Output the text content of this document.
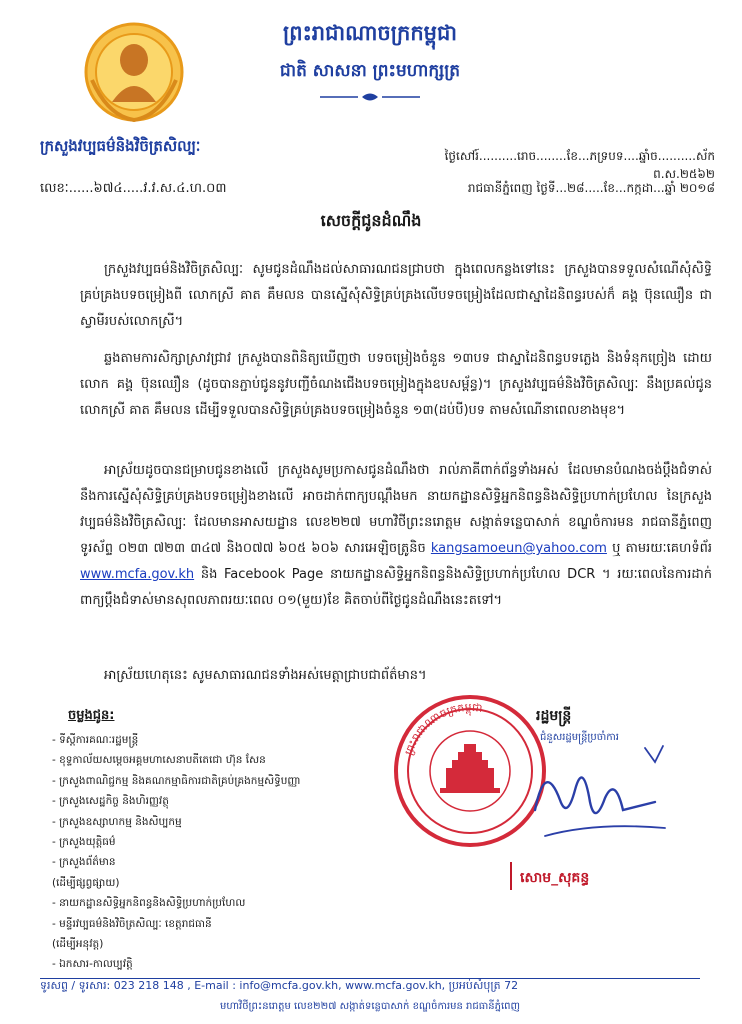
ព្រះរាជាណាចក្រកម្ពុជា
ជាតិ សាសនា ព្រះមហាក្សត្រ
ក្រសួងវប្បធម៌និងវិចិត្រសិល្បៈ
លេខៈ......៦៧៤.....វ.វ.ស.៤.ហ.០៣
ថ្ងៃសៅរ៍..........រោច........ខែ...ភទ្របទ....ឆ្នាំច..........ស័ក ព.ស.២៥៦២
រាជធានីភ្នំពេញ ថ្ងៃទី...២៨.....ខែ...កក្កដា...ឆ្នាំ ២០១៨
សេចក្តីជូនដំណឹង

ក្រសួងវប្បធម៌និងវិចិត្រសិល្បៈ សូមជូនដំណឹងដល់សាធារណជនជ្រាបថា ក្នុងពេលកន្លងទៅនេះ ក្រសួងបានទទួលសំណើសុំសិទ្ធិគ្រប់គ្រងបទចម្រៀងពី លោកស្រី គាត គឹមលន បានស្នើសុំសិទ្ធិគ្រប់គ្រងលើបទចម្រៀងដែលជាស្នាដៃនិពន្ធរបស់ក៏ គង្គ ប៊ុនឈឿន ជាស្វាមីរបស់លោកស្រី។

ឆ្លងតាមការសិក្សាស្រាវជ្រាវ ក្រសួងបានពិនិត្យឃើញថា បទចម្រៀងចំនួន ១៣បទ ជាស្នាដៃនិពន្ធបទភ្លេង និងទំនុកច្រៀង ដោយលោក គង្គ ប៊ុនឈឿន (ដូចបានភ្ជាប់ជូននូវបញ្ជីចំណងជើងបទចម្រៀងក្នុងឧបសម្ព័ន្ធ)។ ក្រសួងវប្បធម៌និងវិចិត្រសិល្បៈ នឹងប្រគល់ជូន លោកស្រី គាត គឹមលន ដើម្បីទទួលបានសិទ្ធិគ្រប់គ្រងបទចម្រៀងចំនួន ១៣(ដប់បី)បទ តាមសំណើនាពេលខាងមុខ។

អាស្រ័យដូចបានជម្រាបជូនខាងលើ ក្រសួងសូមប្រកាសជូនដំណឹងថា រាល់ភាគីពាក់ព័ន្ធទាំងអស់ ដែលមានបំណងចង់ប្តឹងជំទាស់នឹងការស្នើសុំសិទ្ធិគ្រប់គ្រងបទចម្រៀងខាងលើ អាចដាក់ពាក្យបណ្តឹងមក នាយកដ្ឋានសិទ្ធិអ្នកនិពន្ធនិងសិទ្ធិប្រហាក់ប្រហែល នៃក្រសួងវប្បធម៌និងវិចិត្រសិល្បៈ ដែលមានអាសយដ្ឋាន លេខ២២៧ មហាវិថីព្រះនរោត្តម សង្កាត់ទន្លេបាសាក់ ខណ្ឌចំការមន រាជធានីភ្នំពេញ ទូរស័ព្ទ ០២៣ ៧២៣ ៣៤៧ និង០៧៧ ៦០៥ ៦០៦ សារអេឡិចត្រូនិច kangsamoeun@yahoo.com ឬ តាមរយៈគេហទំព័រ www.mcfa.gov.kh និង Facebook Page នាយកដ្ឋានសិទ្ធិអ្នកនិពន្ធនិងសិទ្ធិប្រហាក់ប្រហែល DCR ។ រយៈពេលនៃការដាក់ពាក្យប្តឹងជំទាស់មានសុពលភាពរយៈពេល ០១(មួយ)ខែ គិតចាប់ពីថ្ងៃជូនដំណឹងនេះតទៅ។

អាស្រ័យហេតុនេះ សូមសាធារណជនទាំងអស់មេត្តាជ្រាបជាព័ត៌មាន។

ចម្លងជូន:
- ទីស្តីការគណៈរដ្ឋមន្ត្រី
- ខុទ្ទកាល័យសម្តេចអគ្គមហាសេនាបតីតេជោ ហ៊ុន សែន
- ក្រសួងពាណិជ្ជកម្ម និងគណកម្មាធិការជាតិគ្រប់គ្រងកម្មសិទ្ធិបញ្ញា
- ក្រសួងសេដ្ឋកិច្ច និងហិរញ្ញវត្ថុ
- ក្រសួងឧស្សាហកម្ម និងសិប្បកម្ម
- ក្រសួងយុត្តិធម៌
- ក្រសួងព័ត៌មាន
(ដើម្បីផ្សព្វផ្សាយ)
- នាយកដ្ឋានសិទ្ធិអ្នកនិពន្ធនិងសិទ្ធិប្រហាក់ប្រហែល
- មន្ទីរវប្បធម៌និងវិចិត្រសិល្បៈ ខេត្តរាជធានី
(ដើម្បីអនុវត្ត)
- ឯកសារ-កាលប្បវត្តិ
ព្រះរាជាណាចក្រកម្ពុជា
រដ្ឋមន្ត្រី
ជំនួសរដ្ឋមន្ត្រីប្រចាំការ
សោម_សុគន្ធ
ទូរសព្ទ / ទូរសារ: 023 218 148 , E-mail : info@mcfa.gov.kh, www.mcfa.gov.kh, ប្រអប់សំបុត្រ 72
មហាវិថីព្រះនរោត្តម លេខ២២៧ សង្កាត់ទន្លេបាសាក់ ខណ្ឌចំការមន រាជធានីភ្នំពេញ
